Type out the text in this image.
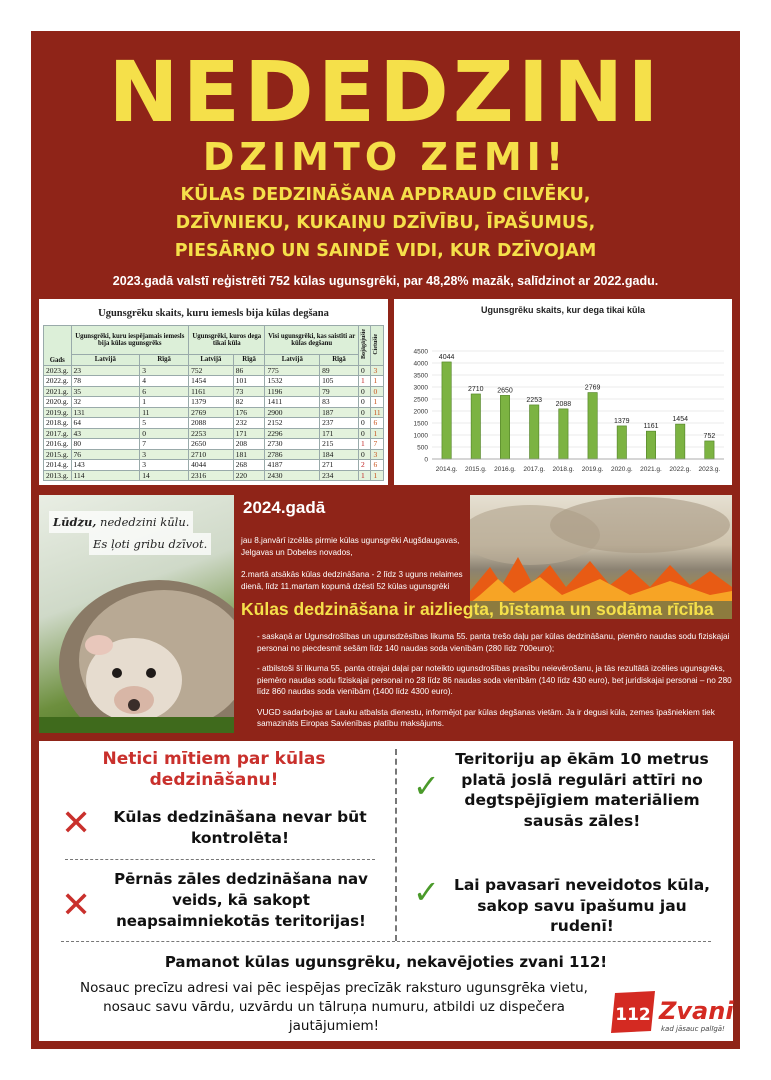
NEDEDZINI
DZIMTO ZEMI!
KŪLAS DEDZINĀŠANA APDRAUD CILVĒKU,
DZĪVNIEKU, KUKAIŅU DZĪVĪBU, ĪPAŠUMUS,
PIESĀRŅO UN SAINDĒ VIDI, KUR DZĪVOJAM
2023.gadā valstī reģistrēti 752 kūlas ugunsgrēki, par 48,28% mazāk, salīdzinot ar 2022.gadu.
Ugunsgrēku skaits, kuru iemesls bija kūlas degšana
Gads	Ugunsgrēki, kuru iespējamais iemesls bija kūlas ugunsgrēks		Ugunsgrēki, kuros dega tikai kūla		Visi ugunsgrēki, kas saistīti ar kūlas degšanu		Bojāgājušie	Cietušie
	Latvijā	Rīgā	Latvijā	Rīgā	Latvijā	Rīgā		
2023.g.	23	3	752	86	775	89	0	3
2022.g.	78	4	1454	101	1532	105	1	1
2021.g.	35	6	1161	73	1196	79	0	0
2020.g.	32	1	1379	82	1411	83	0	1
2019.g.	131	11	2769	176	2900	187	0	11
2018.g.	64	5	2088	232	2152	237	0	6
2017.g.	43	0	2253	171	2296	171	0	1
2016.g.	80	7	2650	208	2730	215	1	7
2015.g.	76	3	2710	181	2786	184	0	3
2014.g.	143	3	4044	268	4187	271	2	6
2013.g.	114	14	2316	220	2430	234	1	1
Ugunsgrēku skaits, kur dega tikai kūla
0
500
1000
1500
2000
2500
3000
3500
4000
4500
4044
2014.g.
2710
2015.g.
2650
2016.g.
2253
2017.g.
2088
2018.g.
2769
2019.g.
1379
2020.g.
1161
2021.g.
1454
2022.g.
752
2023.g.
Lūdzu, nededzini kūlu.
Es ļoti gribu dzīvot.
2024.gadā
jau 8.janvārī izcēlās pirmie kūlas ugunsgrēki Augšdaugavas, Jelgavas un Dobeles novados,
2.martā atsākās kūlas dedzināšana - 2 līdz 3 uguns nelaimes dienā, līdz 11.martam kopumā dzēsti 52 kūlas ugunsgrēki
Kūlas dedzināšana ir aizliegta, bīstama un sodāma rīcība

- saskaņā ar Ugunsdrošības un ugunsdzēsības likuma 55. panta trešo daļu par kūlas dedzināšanu, piemēro naudas sodu fiziskajai personai no piecdesmit sešām līdz 140 naudas soda vienībām (280 līdz 700euro);

- atbilstoši šī likuma 55. panta otrajai daļai par noteikto ugunsdrošības prasību neievērošanu, ja tās rezultātā izcēlies ugunsgrēks, piemēro naudas sodu fiziskajai personai no 28 līdz 86 naudas soda vienībām (140 līdz 430 euro), bet juridiskajai personai – no 280 līdz 860 naudas soda vienībām (1400 līdz 4300 euro).

VUGD sadarbojas ar Lauku atbalsta dienestu, informējot par kūlas degšanas vietām. Ja ir degusi kūla, zemes īpašniekiem tiek samazināts Eiropas Savienības platību maksājums.

Netici mītiem par kūlas dedzināšanu!
✕	Kūlas dedzināšana nevar būt kontrolēta!
✕
Pērnās zāles dedzināšana nav veids, kā sakopt neapsaimniekotās teritorijas!
✓
Teritoriju ap ēkām 10 metrus platā joslā regulāri attīri no degtspējīgiem materiāliem sausās zāles!
✓ Lai pavasarī neveidotos kūla, sakop savu īpašumu jau rudenī!
Pamanot kūlas ugunsgrēku, nekavējoties zvani 112!
Nosauc precīzu adresi vai pēc iespējas precīzāk raksturo ugunsgrēka vietu, nosauc savu vārdu, uzvārdu un tālruņa numuru, atbildi uz dispečera jautājumiem!
112 Zvani
kad jāsauc palīgā!
